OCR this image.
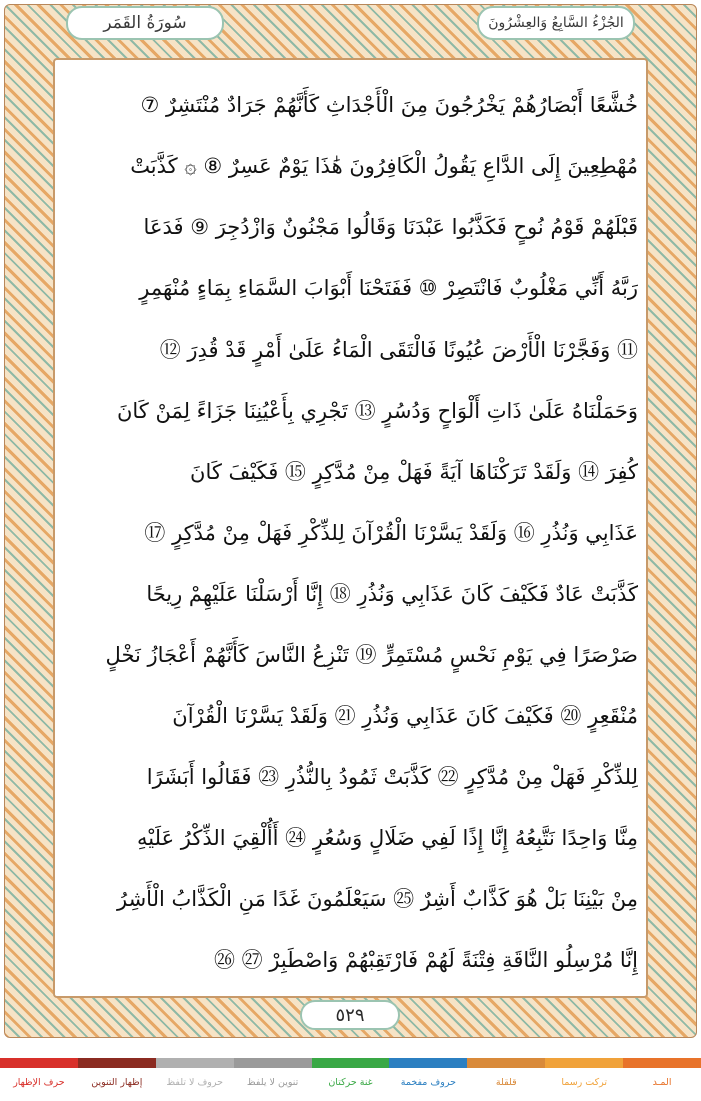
سُورَةُ القَمَر	الجُزْءُ السَّابِعُ وَالعِشْرُونَ
خُشَّعًا أَبْصَارُهُمْ يَخْرُجُونَ مِنَ الْأَجْدَاثِ كَأَنَّهُمْ جَرَادٌ مُنْتَشِرٌ ⑦
مُهْطِعِينَ إِلَى الدَّاعِ يَقُولُ الْكَافِرُونَ هَٰذَا يَوْمٌ عَسِرٌ ⑧ ۞ كَذَّبَتْ
قَبْلَهُمْ قَوْمُ نُوحٍ فَكَذَّبُوا عَبْدَنَا وَقَالُوا مَجْنُونٌ وَازْدُجِرَ ⑨ فَدَعَا
رَبَّهُ أَنِّي مَغْلُوبٌ فَانْتَصِرْ ⑩ فَفَتَحْنَا أَبْوَابَ السَّمَاءِ بِمَاءٍ مُنْهَمِرٍ
⑪ وَفَجَّرْنَا الْأَرْضَ عُيُونًا فَالْتَقَى الْمَاءُ عَلَىٰ أَمْرٍ قَدْ قُدِرَ ⑫
وَحَمَلْنَاهُ عَلَىٰ ذَاتِ أَلْوَاحٍ وَدُسُرٍ ⑬ تَجْرِي بِأَعْيُنِنَا جَزَاءً لِمَنْ كَانَ
كُفِرَ ⑭ وَلَقَدْ تَرَكْنَاهَا آيَةً فَهَلْ مِنْ مُدَّكِرٍ ⑮ فَكَيْفَ كَانَ
عَذَابِي وَنُذُرِ ⑯ وَلَقَدْ يَسَّرْنَا الْقُرْآنَ لِلذِّكْرِ فَهَلْ مِنْ مُدَّكِرٍ ⑰
كَذَّبَتْ عَادٌ فَكَيْفَ كَانَ عَذَابِي وَنُذُرِ ⑱ إِنَّا أَرْسَلْنَا عَلَيْهِمْ رِيحًا
صَرْصَرًا فِي يَوْمِ نَحْسٍ مُسْتَمِرٍّ ⑲ تَنْزِعُ النَّاسَ كَأَنَّهُمْ أَعْجَازُ نَخْلٍ
مُنْقَعِرٍ ⑳ فَكَيْفَ كَانَ عَذَابِي وَنُذُرِ ㉑ وَلَقَدْ يَسَّرْنَا الْقُرْآنَ
لِلذِّكْرِ فَهَلْ مِنْ مُدَّكِرٍ ㉒ كَذَّبَتْ ثَمُودُ بِالنُّذُرِ ㉓ فَقَالُوا أَبَشَرًا
مِنَّا وَاحِدًا نَتَّبِعُهُ إِنَّا إِذًا لَفِي ضَلَالٍ وَسُعُرٍ ㉔ أَأُلْقِيَ الذِّكْرُ عَلَيْهِ
مِنْ بَيْنِنَا بَلْ هُوَ كَذَّابٌ أَشِرٌ ㉕ سَيَعْلَمُونَ غَدًا مَنِ الْكَذَّابُ الْأَشِرُ
إِنَّا مُرْسِلُو النَّاقَةِ فِتْنَةً لَهُمْ فَارْتَقِبْهُمْ وَاصْطَبِرْ ㉗ ㉖
٥٢٩
المـد
تركت رسما
قلقلة
حروف مفخمة
غنة حركتان
تنوين لا يلفظ
حروف لا تلفظ
إظهار التنوين
حرف الإظهار
